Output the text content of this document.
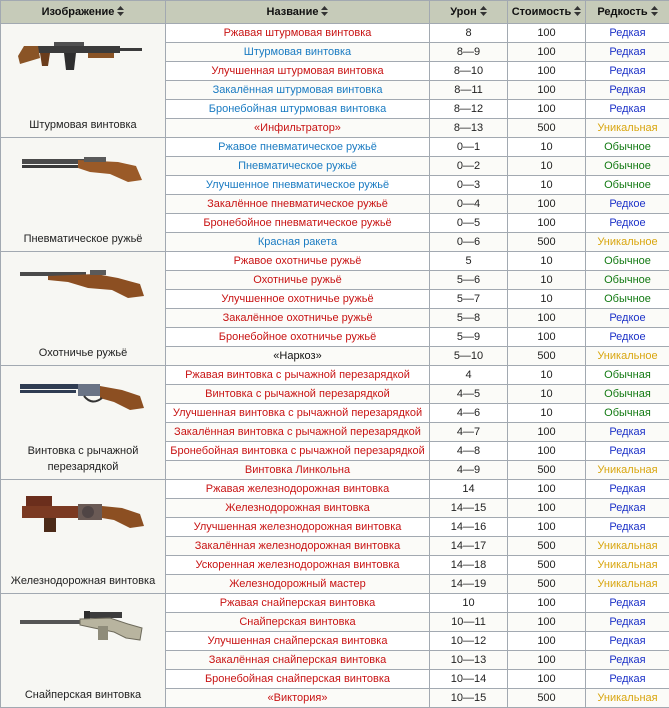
Изображение	Название	Урон	Стоимость	Редкость

Штурмовая винтовка	Ржавая штурмовая винтовка	8	100	Редкая
	Штурмовая винтовка	8—9	100	Редкая
	Улучшенная штурмовая винтовка	8—10	100	Редкая
	Закалённая штурмовая винтовка	8—11	100	Редкая
	Бронебойная штурмовая винтовка	8—12	100	Редкая
	«Инфильтратор»	8—13	500	Уникальная

Пневматическое ружьё	Ржавое пневматическое ружьё	0—1	10	Обычное
	Пневматическое ружьё	0—2	10	Обычное
	Улучшенное пневматическое ружьё	0—3	10	Обычное
	Закалённое пневматическое ружьё	0—4	100	Редкое
	Бронебойное пневматическое ружьё	0—5	100	Редкое
	Красная ракета	0—6	500	Уникальное

Охотничье ружьё	Ржавое охотничье ружьё	5	10	Обычное
	Охотничье ружьё	5—6	10	Обычное
	Улучшенное охотничье ружьё	5—7	10	Обычное
	Закалённое охотничье ружьё	5—8	100	Редкое
	Бронебойное охотничье ружьё	5—9	100	Редкое
	«Наркоз»	5—10	500	Уникальное

Винтовка с рычажной перезарядкой	Ржавая винтовка с рычажной перезарядкой	4	10	Обычная
	Винтовка с рычажной перезарядкой	4—5	10	Обычная
	Улучшенная винтовка с рычажной перезарядкой	4—6	10	Обычная
	Закалённая винтовка с рычажной перезарядкой	4—7	100	Редкая
	Бронебойная винтовка с рычажной перезарядкой	4—8	100	Редкая
	Винтовка Линкольна	4—9	500	Уникальная

Железнодорожная винтовка	Ржавая железнодорожная винтовка	14	100	Редкая
	Железнодорожная винтовка	14—15	100	Редкая
	Улучшенная железнодорожная винтовка	14—16	100	Редкая
	Закалённая железнодорожная винтовка	14—17	500	Уникальная
	Ускоренная железнодорожная винтовка	14—18	500	Уникальная
	Железнодорожный мастер	14—19	500	Уникальная

Снайперская винтовка	Ржавая снайперская винтовка	10	100	Редкая
	Снайперская винтовка	10—11	100	Редкая
	Улучшенная снайперская винтовка	10—12	100	Редкая
	Закалённая снайперская винтовка	10—13	100	Редкая
	Бронебойная снайперская винтовка	10—14	100	Редкая
	«Виктория»	10—15	500	Уникальная
